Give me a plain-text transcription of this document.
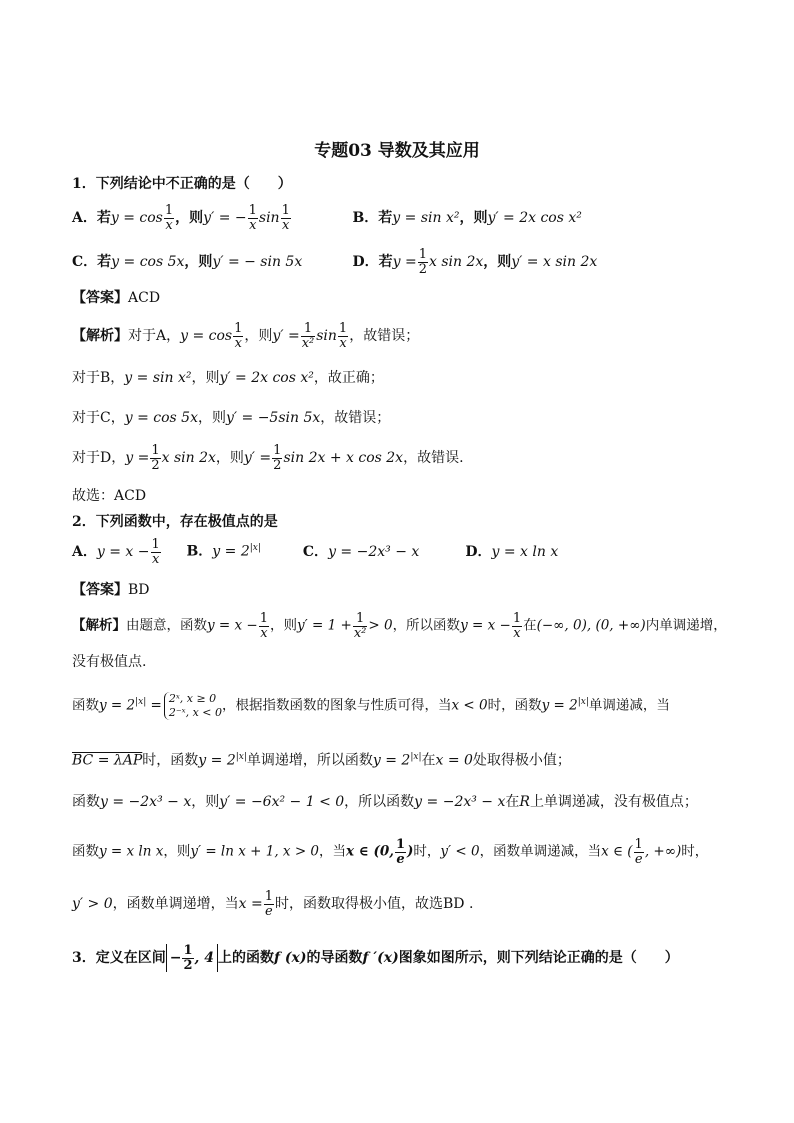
专题03 导数及其应用
1．下列结论中不正确的是（　　）
A．若$y = \cos \frac{1}{x}$ ，则y′ = − $\frac{1}{x}$ $\sin \frac{1}{x}$	B．若y = sin x²，则y′ = 2x cos x²
C．若y = cos 5x，则y′ = − sin 5x	D．若$y = \frac{1}{2}$ x sin 2x，则y′ = x sin 2x
【答案】ACD
【解析】对于A，$y = \cos \frac{1}{x}$ ，则$y' = \frac{1}{\text{x²}}$ $\sin \frac{1}{x}$ ，故错误；
对于B，y = sin x²，则y′ = 2x cos x²，故正确；
对于C，y = cos 5x，则y′ = −5sin 5x，故错误；
对于D，$y = \frac{1}{2}$ x sin 2x，则$y' = \frac{1}{2}$ sin 2x + x cos 2x，故错误.
故选：ACD
2．下列函数中，存在极值点的是
A．$y = x - \frac{1}{x}$ B．$y = 2^{|x|}$	C．y = −2x³ − x	D．y = x ln x
【答案】BD
【解析】由题意，函数$y = x - \frac{1}{x}$ ，则$y' = 1 + \frac{1}{\text{x²}} > 0$，所以函数$y = x - \frac{1}{x}$ 在(−∞, 0), (0, +∞)内单调递增，
没有极值点.
函数$y = 2^{|x|}$ = 2ˣ, x ≥ 0
2⁻ˣ, x < 0 ，根据指数函数的图象与性质可得，当x < 0时，函数$y = 2^{|x|}$单调递减，当
BC = λAP时，函数$y = 2^{|x|}$单调递增，所以函数$y = 2^{|x|}$在x = 0处取得极小值；
函数y = −2x³ − x，则y′ = −6x² − 1 < 0，所以函数y = −2x³ − x在R上单调递减，没有极值点；
函数y = x ln x，则y′ = ln x + 1, x > 0，当x ∈ (0, $\frac{1}{e}$ )时，y′ < 0，函数单调递减，当x ∈ ( $\frac{1}{e}$ , +∞)时，
y′ > 0，函数单调递增，当$x = \frac{1}{e}$ 时，函数取得极小值，故选BD .
3．定义在区间 − $\frac{1}{2}$ , 4 上的函数f (x)的导函数f ′(x)图象如图所示，则下列结论正确的是（　　）
